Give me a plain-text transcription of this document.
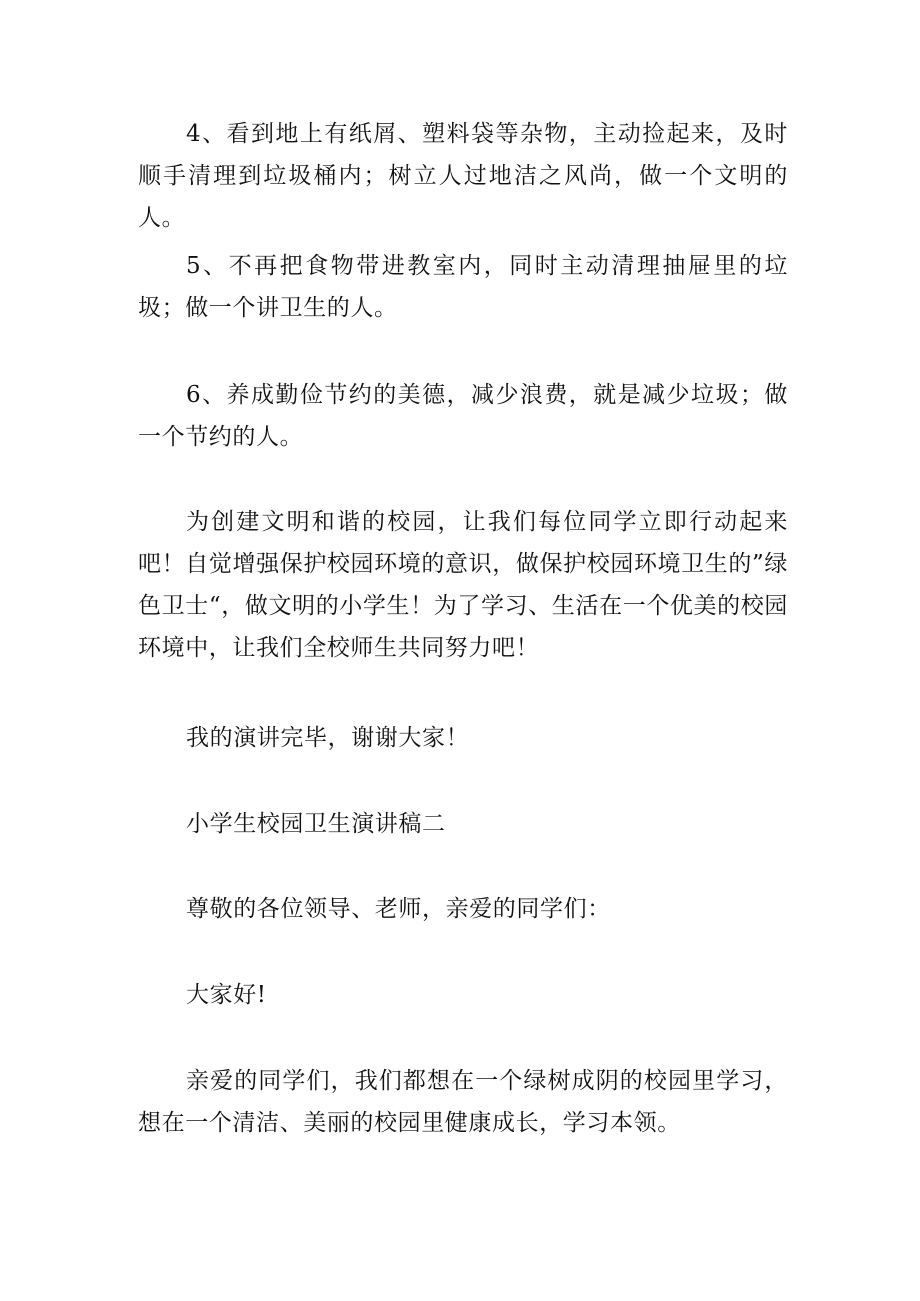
4、看到地上有纸屑、塑料袋等杂物，主动捡起来，及时顺手清理到垃圾桶内；树立人过地洁之风尚，做一个文明的人。

5、不再把食物带进教室内，同时主动清理抽屉里的垃圾；做一个讲卫生的人。

6、养成勤俭节约的美德，减少浪费，就是减少垃圾；做一个节约的人。

为创建文明和谐的校园，让我们每位同学立即行动起来吧！自觉增强保护校园环境的意识，做保护校园环境卫生的”绿色卫士“，做文明的小学生！为了学习、生活在一个优美的校园环境中，让我们全校师生共同努力吧！

我的演讲完毕，谢谢大家！

小学生校园卫生演讲稿二

尊敬的各位领导、老师，亲爱的同学们：

大家好!

亲爱的同学们，我们都想在一个绿树成阴的校园里学习，想在一个清洁、美丽的校园里健康成长，学习本领。
